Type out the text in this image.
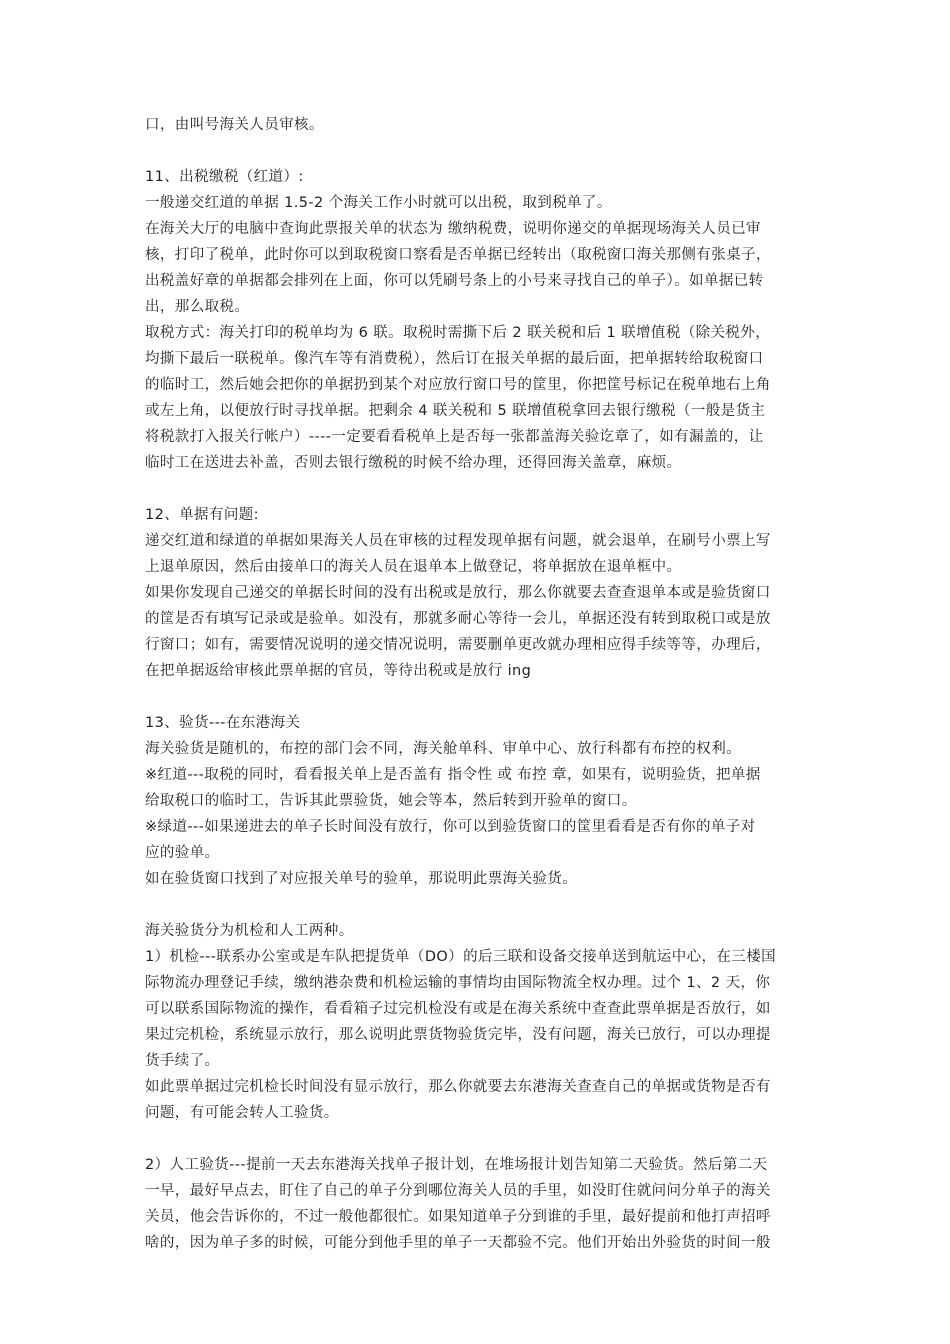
口，由叫号海关人员审核。
11、出税缴税（红道）:
一般递交红道的单据 1.5-2 个海关工作小时就可以出税，取到税单了。
在海关大厅的电脑中查询此票报关单的状态为 缴纳税费，说明你递交的单据现场海关人员已审
核，打印了税单，此时你可以到取税窗口察看是否单据已经转出（取税窗口海关那侧有张桌子，
出税盖好章的单据都会排列在上面，你可以凭刷号条上的小号来寻找自己的单子）。如单据已转
出，那么取税。
取税方式：海关打印的税单均为 6 联。取税时需撕下后 2 联关税和后 1 联增值税（除关税外，
均撕下最后一联税单。像汽车等有消费税），然后订在报关单据的最后面，把单据转给取税窗口
的临时工，然后她会把你的单据扔到某个对应放行窗口号的筐里，你把筐号标记在税单地右上角
或左上角，以便放行时寻找单据。把剩余 4 联关税和 5 联增值税拿回去银行缴税（一般是货主
将税款打入报关行帐户）----一定要看看税单上是否每一张都盖海关验讫章了，如有漏盖的，让
临时工在送进去补盖，否则去银行缴税的时候不给办理，还得回海关盖章，麻烦。
12、单据有问题:
递交红道和绿道的单据如果海关人员在审核的过程发现单据有问题，就会退单，在刷号小票上写
上退单原因，然后由接单口的海关人员在退单本上做登记，将单据放在退单框中。
如果你发现自己递交的单据长时间的没有出税或是放行，那么你就要去查查退单本或是验货窗口
的筐是否有填写记录或是验单。如没有，那就多耐心等待一会儿，单据还没有转到取税口或是放
行窗口；如有，需要情况说明的递交情况说明，需要删单更改就办理相应得手续等等，办理后，
在把单据返给审核此票单据的官员，等待出税或是放行 ing
13、验货---在东港海关
海关验货是随机的，布控的部门会不同，海关舱单科、审单中心、放行科都有布控的权利。
※红道---取税的同时，看看报关单上是否盖有 指令性 或 布控 章，如果有，说明验货，把单据
给取税口的临时工，告诉其此票验货，她会等本，然后转到开验单的窗口。
※绿道---如果递进去的单子长时间没有放行，你可以到验货窗口的筐里看看是否有你的单子对
应的验单。
如在验货窗口找到了对应报关单号的验单，那说明此票海关验货。
海关验货分为机检和人工两种。
1）机检---联系办公室或是车队把提货单（DO）的后三联和设备交接单送到航运中心，在三楼国
际物流办理登记手续，缴纳港杂费和机检运输的事情均由国际物流全权办理。过个 1、2 天，你
可以联系国际物流的操作，看看箱子过完机检没有或是在海关系统中查查此票单据是否放行，如
果过完机检，系统显示放行，那么说明此票货物验货完毕，没有问题，海关已放行，可以办理提
货手续了。
如此票单据过完机检长时间没有显示放行，那么你就要去东港海关查查自己的单据或货物是否有
问题，有可能会转人工验货。
2）人工验货---提前一天去东港海关找单子报计划，在堆场报计划告知第二天验货。然后第二天
一早，最好早点去，盯住了自己的单子分到哪位海关人员的手里，如没盯住就问问分单子的海关
关员，他会告诉你的，不过一般他都很忙。如果知道单子分到谁的手里，最好提前和他打声招呼
啥的，因为单子多的时候，可能分到他手里的单子一天都验不完。他们开始出外验货的时间一般
